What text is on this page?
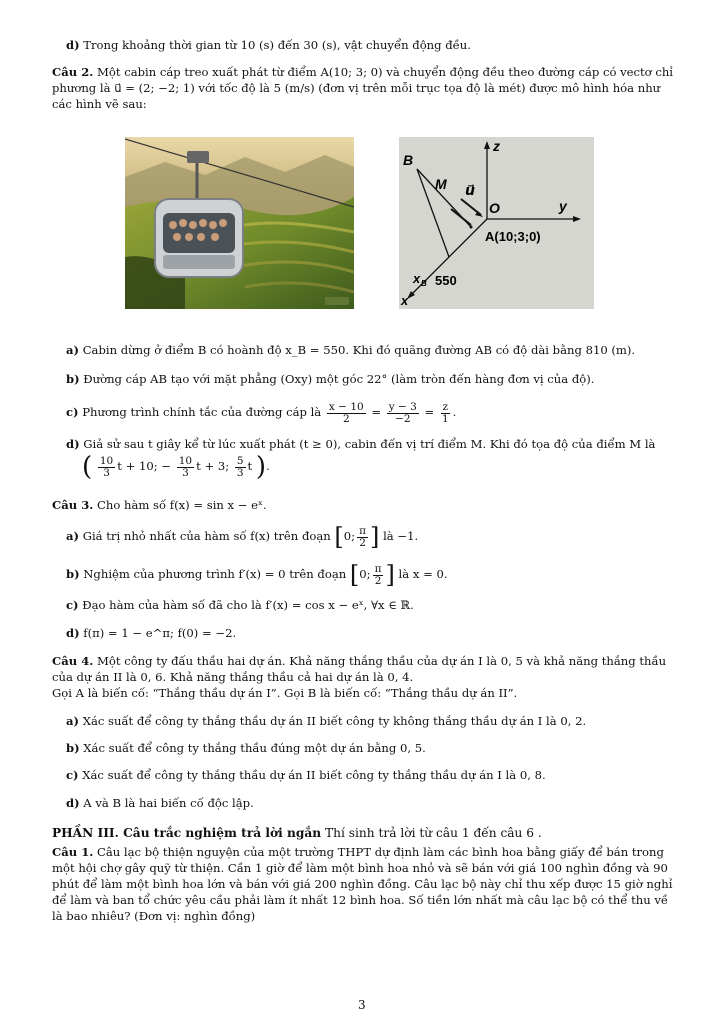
d) Trong khoảng thời gian từ 10 (s) đến 30 (s), vật chuyển động đều.
Câu 2. Một cabin cáp treo xuất phát từ điểm A(10; 3; 0) và chuyển động đều theo đường cáp có vectơ chỉ
phương là u⃗ = (2; −2; 1) với tốc độ là 5 (m/s) (đơn vị trên mỗi trục tọa độ là mét) được mô hình hóa như
các hình vẽ sau:
B
M u⃗
O	y
z
A(10;3;0)
x B 550
x
a) Cabin dừng ở điểm B có hoành độ x_B = 550. Khi đó quãng đường AB có độ dài bằng 810 (m).
b) Đường cáp AB tạo với mặt phẳng (Oxy) một góc 22° (làm tròn đến hàng đơn vị của độ).
c) Phương trình chính tắc của đường cáp là $\frac{x - 10}{2} = \frac{y - 3}{-2} = \frac{z}{1}$ .
d) Giả sử sau t giây kể từ lúc xuất phát (t ≥ 0), cabin đến vị trí điểm M. Khi đó tọa độ của điểm M là
( $\frac{10}{3}$ t + 10; − $\frac{10}{3}$ t + 3; $\frac{5}{3}$ t ).
Câu 3. Cho hàm số f(x) = sin x − eˣ.
a) Giá trị nhỏ nhất của hàm số f(x) trên đoạn [0; $\frac{\pi}{2}$ ] là −1.
b) Nghiệm của phương trình f′(x) = 0 trên đoạn [0; $\frac{\pi}{2}$ ] là x = 0.
c) Đạo hàm của hàm số đã cho là f′(x) = cos x − eˣ, ∀x ∈ ℝ.
d) f(π) = 1 − e^π; f(0) = −2.
Câu 4. Một công ty đấu thầu hai dự án. Khả năng thắng thầu của dự án I là 0, 5 và khả năng thắng thầu
của dự án II là 0, 6. Khả năng thắng thầu cả hai dự án là 0, 4.
Gọi A là biến cố: “Thắng thầu dự án I”. Gọi B là biến cố: “Thắng thầu dự án II”.
a) Xác suất để công ty thắng thầu dự án II biết công ty không thắng thầu dự án I là 0, 2.
b) Xác suất để công ty thắng thầu đúng một dự án bằng 0, 5.
c) Xác suất để công ty thắng thầu dự án II biết công ty thắng thầu dự án I là 0, 8.
d) A và B là hai biến cố độc lập.
PHẦN III. Câu trắc nghiệm trả lời ngắn Thí sinh trả lời từ câu 1 đến câu 6 .
Câu 1. Câu lạc bộ thiện nguyện của một trường THPT dự định làm các bình hoa bằng giấy để bán trong
một hội chợ gây quỹ từ thiện. Cần 1 giờ để làm một bình hoa nhỏ và sẽ bán với giá 100 nghìn đồng và 90
phút để làm một bình hoa lớn và bán với giá 200 nghìn đồng. Câu lạc bộ này chỉ thu xếp được 15 giờ nghỉ
để làm và ban tổ chức yêu cầu phải làm ít nhất 12 bình hoa. Số tiền lớn nhất mà câu lạc bộ có thể thu về
là bao nhiêu? (Đơn vị: nghìn đồng)
3
